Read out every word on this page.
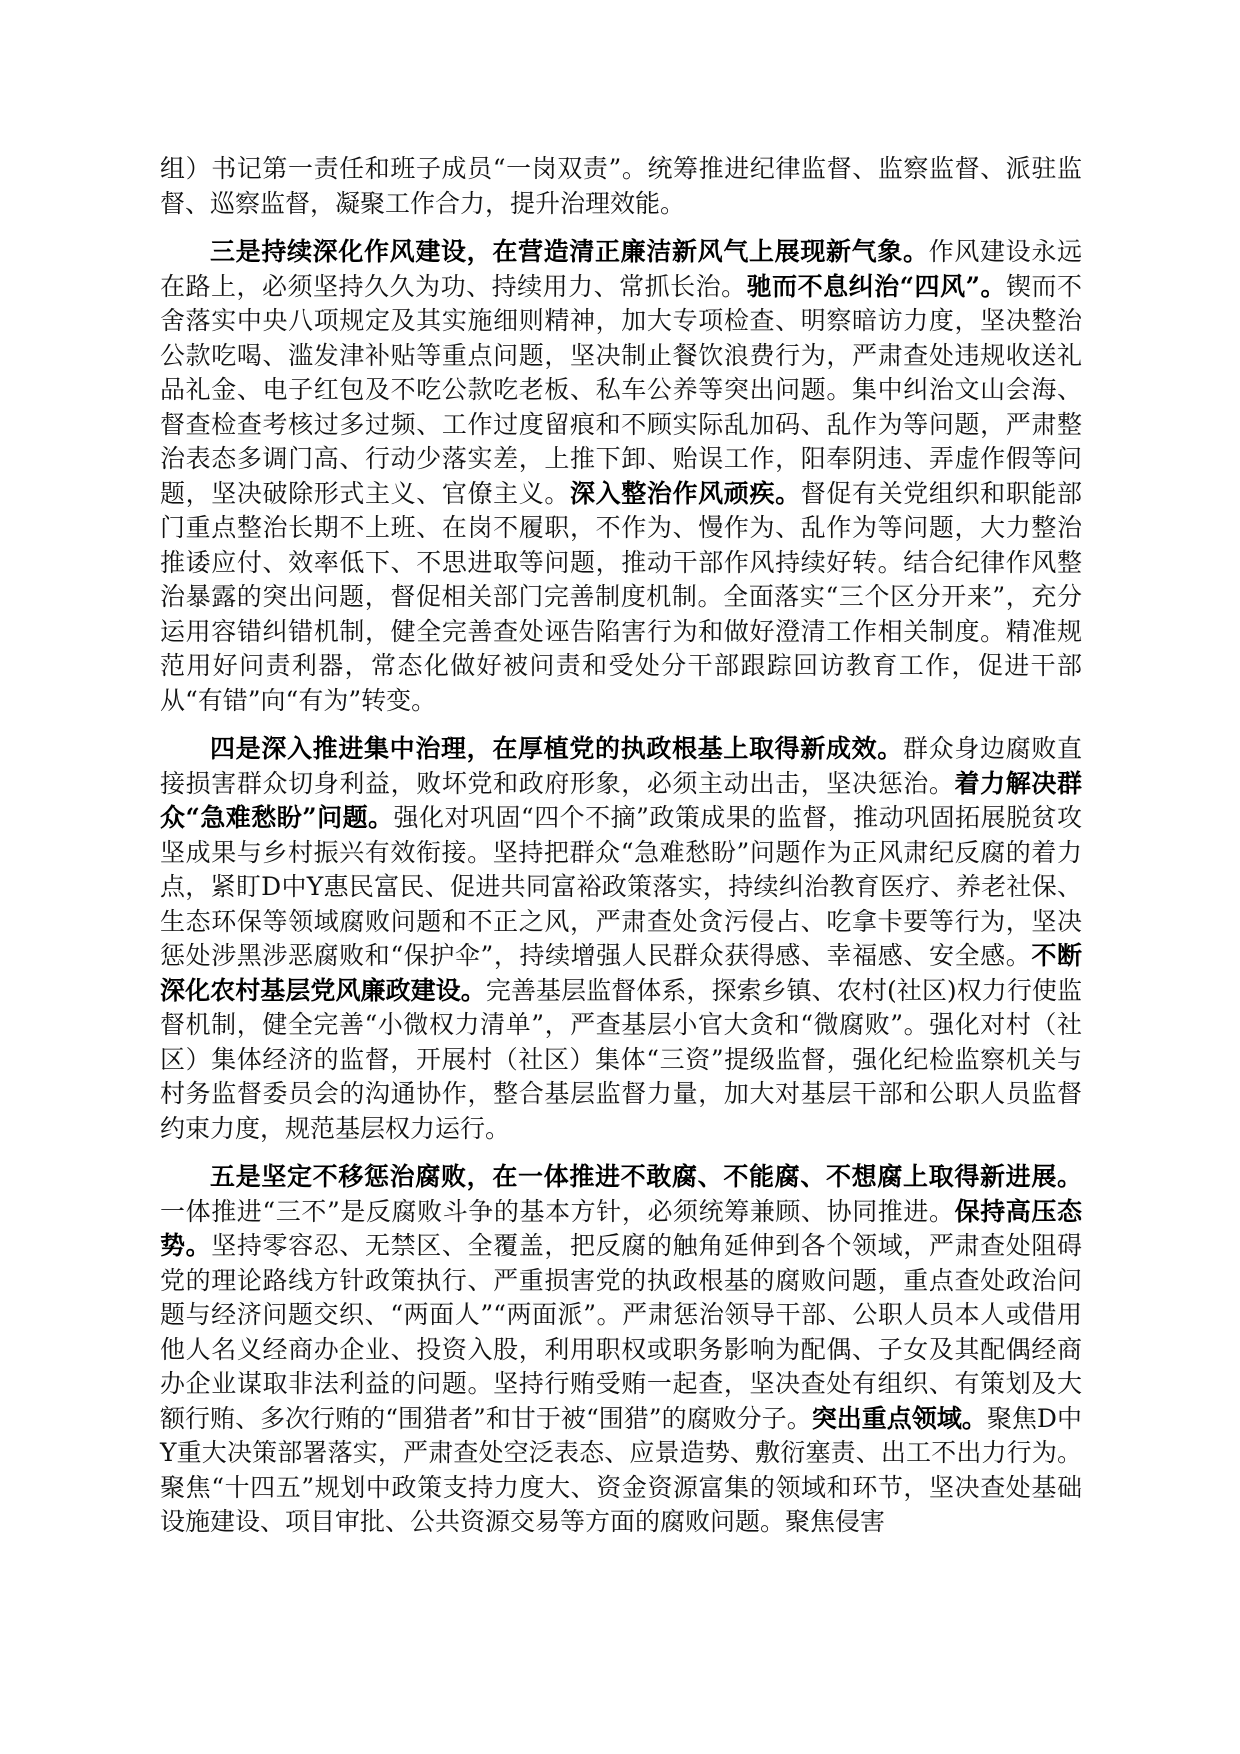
组）书记第一责任和班子成员“一岗双责”。统筹推进纪律监督、监察监督、派驻监督、巡察监督，凝聚工作合力，提升治理效能。

三是持续深化作风建设，在营造清正廉洁新风气上展现新气象。作风建设永远在路上，必须坚持久久为功、持续用力、常抓长治。驰而不息纠治“四风”。锲而不舍落实中央八项规定及其实施细则精神，加大专项检查、明察暗访力度，坚决整治公款吃喝、滥发津补贴等重点问题，坚决制止餐饮浪费行为，严肃查处违规收送礼品礼金、电子红包及不吃公款吃老板、私车公养等突出问题。集中纠治文山会海、督查检查考核过多过频、工作过度留痕和不顾实际乱加码、乱作为等问题，严肃整治表态多调门高、行动少落实差，上推下卸、贻误工作，阳奉阴违、弄虚作假等问题，坚决破除形式主义、官僚主义。深入整治作风顽疾。督促有关党组织和职能部门重点整治长期不上班、在岗不履职，不作为、慢作为、乱作为等问题，大力整治推诿应付、效率低下、不思进取等问题，推动干部作风持续好转。结合纪律作风整治暴露的突出问题，督促相关部门完善制度机制。全面落实“三个区分开来”，充分运用容错纠错机制，健全完善查处诬告陷害行为和做好澄清工作相关制度。精准规范用好问责利器，常态化做好被问责和受处分干部跟踪回访教育工作，促进干部从“有错”向“有为”转变。

四是深入推进集中治理，在厚植党的执政根基上取得新成效。群众身边腐败直接损害群众切身利益，败坏党和政府形象，必须主动出击，坚决惩治。着力解决群众“急难愁盼”问题。强化对巩固“四个不摘”政策成果的监督，推动巩固拓展脱贫攻坚成果与乡村振兴有效衔接。坚持把群众“急难愁盼”问题作为正风肃纪反腐的着力点，紧盯D中Y惠民富民、促进共同富裕政策落实，持续纠治教育医疗、养老社保、生态环保等领域腐败问题和不正之风，严肃查处贪污侵占、吃拿卡要等行为，坚决惩处涉黑涉恶腐败和“保护伞”，持续增强人民群众获得感、幸福感、安全感。不断深化农村基层党风廉政建设。完善基层监督体系，探索乡镇、农村(社区)权力行使监督机制，健全完善“小微权力清单”，严查基层小官大贪和“微腐败”。强化对村（社区）集体经济的监督，开展村（社区）集体“三资”提级监督，强化纪检监察机关与村务监督委员会的沟通协作，整合基层监督力量，加大对基层干部和公职人员监督约束力度，规范基层权力运行。

五是坚定不移惩治腐败，在一体推进不敢腐、不能腐、不想腐上取得新进展。一体推进“三不”是反腐败斗争的基本方针，必须统筹兼顾、协同推进。保持高压态势。坚持零容忍、无禁区、全覆盖，把反腐的触角延伸到各个领域，严肃查处阻碍党的理论路线方针政策执行、严重损害党的执政根基的腐败问题，重点查处政治问题与经济问题交织、“两面人”“两面派”。严肃惩治领导干部、公职人员本人或借用他人名义经商办企业、投资入股，利用职权或职务影响为配偶、子女及其配偶经商办企业谋取非法利益的问题。坚持行贿受贿一起查，坚决查处有组织、有策划及大额行贿、多次行贿的“围猎者”和甘于被“围猎”的腐败分子。突出重点领域。聚焦D中Y重大决策部署落实，严肃查处空泛表态、应景造势、敷衍塞责、出工不出力行为。聚焦“十四五”规划中政策支持力度大、资金资源富集的领域和环节，坚决查处基础设施建设、项目审批、公共资源交易等方面的腐败问题。聚焦侵害
